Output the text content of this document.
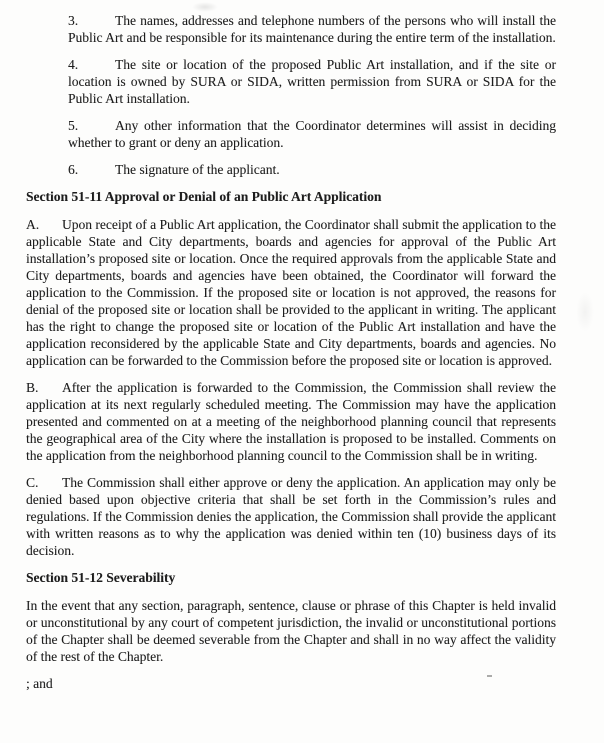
3.	The names, addresses and telephone numbers of the persons who will install the Public Art and be responsible for its maintenance during the entire term of the installation.
4.	The site or location of the proposed Public Art installation, and if the site or location is owned by SURA or SIDA, written permission from SURA or SIDA for the Public Art installation.
5.	Any other information that the Coordinator determines will assist in deciding whether to grant or deny an application.
6.	The signature of the applicant.
Section 51-11 Approval or Denial of an Public Art Application
A. Upon receipt of a Public Art application, the Coordinator shall submit the application to the applicable State and City departments, boards and agencies for approval of the Public Art installation’s proposed site or location. Once the required approvals from the applicable State and City departments, boards and agencies have been obtained, the Coordinator will forward the application to the Commission. If the proposed site or location is not approved, the reasons for denial of the proposed site or location shall be provided to the applicant in writing. The applicant has the right to change the proposed site or location of the Public Art installation and have the application reconsidered by the applicable State and City departments, boards and agencies. No application can be forwarded to the Commission before the proposed site or location is approved.
B. After the application is forwarded to the Commission, the Commission shall review the application at its next regularly scheduled meeting. The Commission may have the application presented and commented on at a meeting of the neighborhood planning council that represents the geographical area of the City where the installation is proposed to be installed. Comments on the application from the neighborhood planning council to the Commission shall be in writing.
C. The Commission shall either approve or deny the application. An application may only be denied based upon objective criteria that shall be set forth in the Commission’s rules and regulations. If the Commission denies the application, the Commission shall provide the applicant with written reasons as to why the application was denied within ten (10) business days of its decision.
Section 51-12 Severability
In the event that any section, paragraph, sentence, clause or phrase of this Chapter is held invalid or unconstitutional by any court of competent jurisdiction, the invalid or unconstitutional portions of the Chapter shall be deemed severable from the Chapter and shall in no way affect the validity of the rest of the Chapter.
; and
